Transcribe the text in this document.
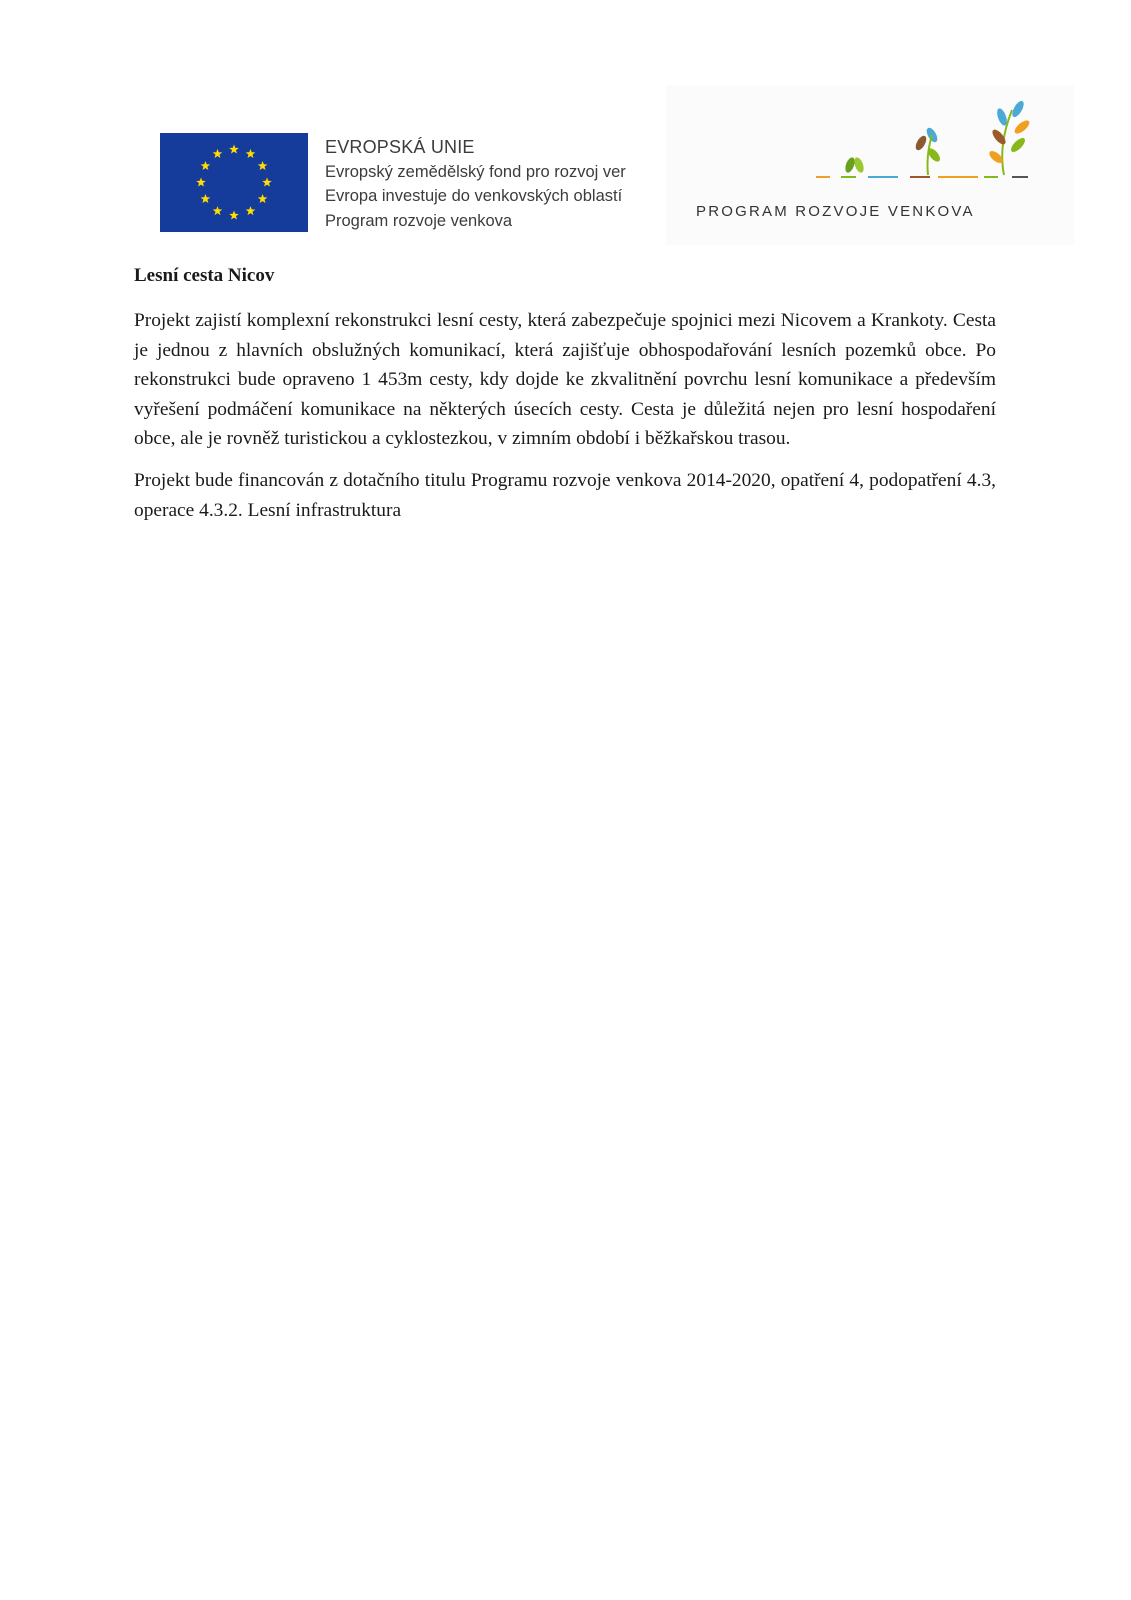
EVROPSKÁ UNIE
Evropský zemědělský fond pro rozvoj ver
Evropa investuje do venkovských oblastí
Program rozvoje venkova
PROGRAM ROZVOJE VENKOVA
Lesní cesta Nicov

Projekt zajistí komplexní rekonstrukci lesní cesty, která zabezpečuje spojnici mezi Nicovem a Krankoty. Cesta je jednou z hlavních obslužných komunikací, která zajišťuje obhospodařování lesních pozemků obce. Po rekonstrukci bude opraveno 1 453m cesty, kdy dojde ke zkvalitnění povrchu lesní komunikace a především vyřešení podmáčení komunikace na některých úsecích cesty. Cesta je důležitá nejen pro lesní hospodaření obce, ale je rovněž turistickou a cyklostezkou, v zimním období i běžkařskou trasou.

Projekt bude financován z dotačního titulu Programu rozvoje venkova 2014-2020, opatření 4, podopatření 4.3, operace 4.3.2. Lesní infrastruktura
